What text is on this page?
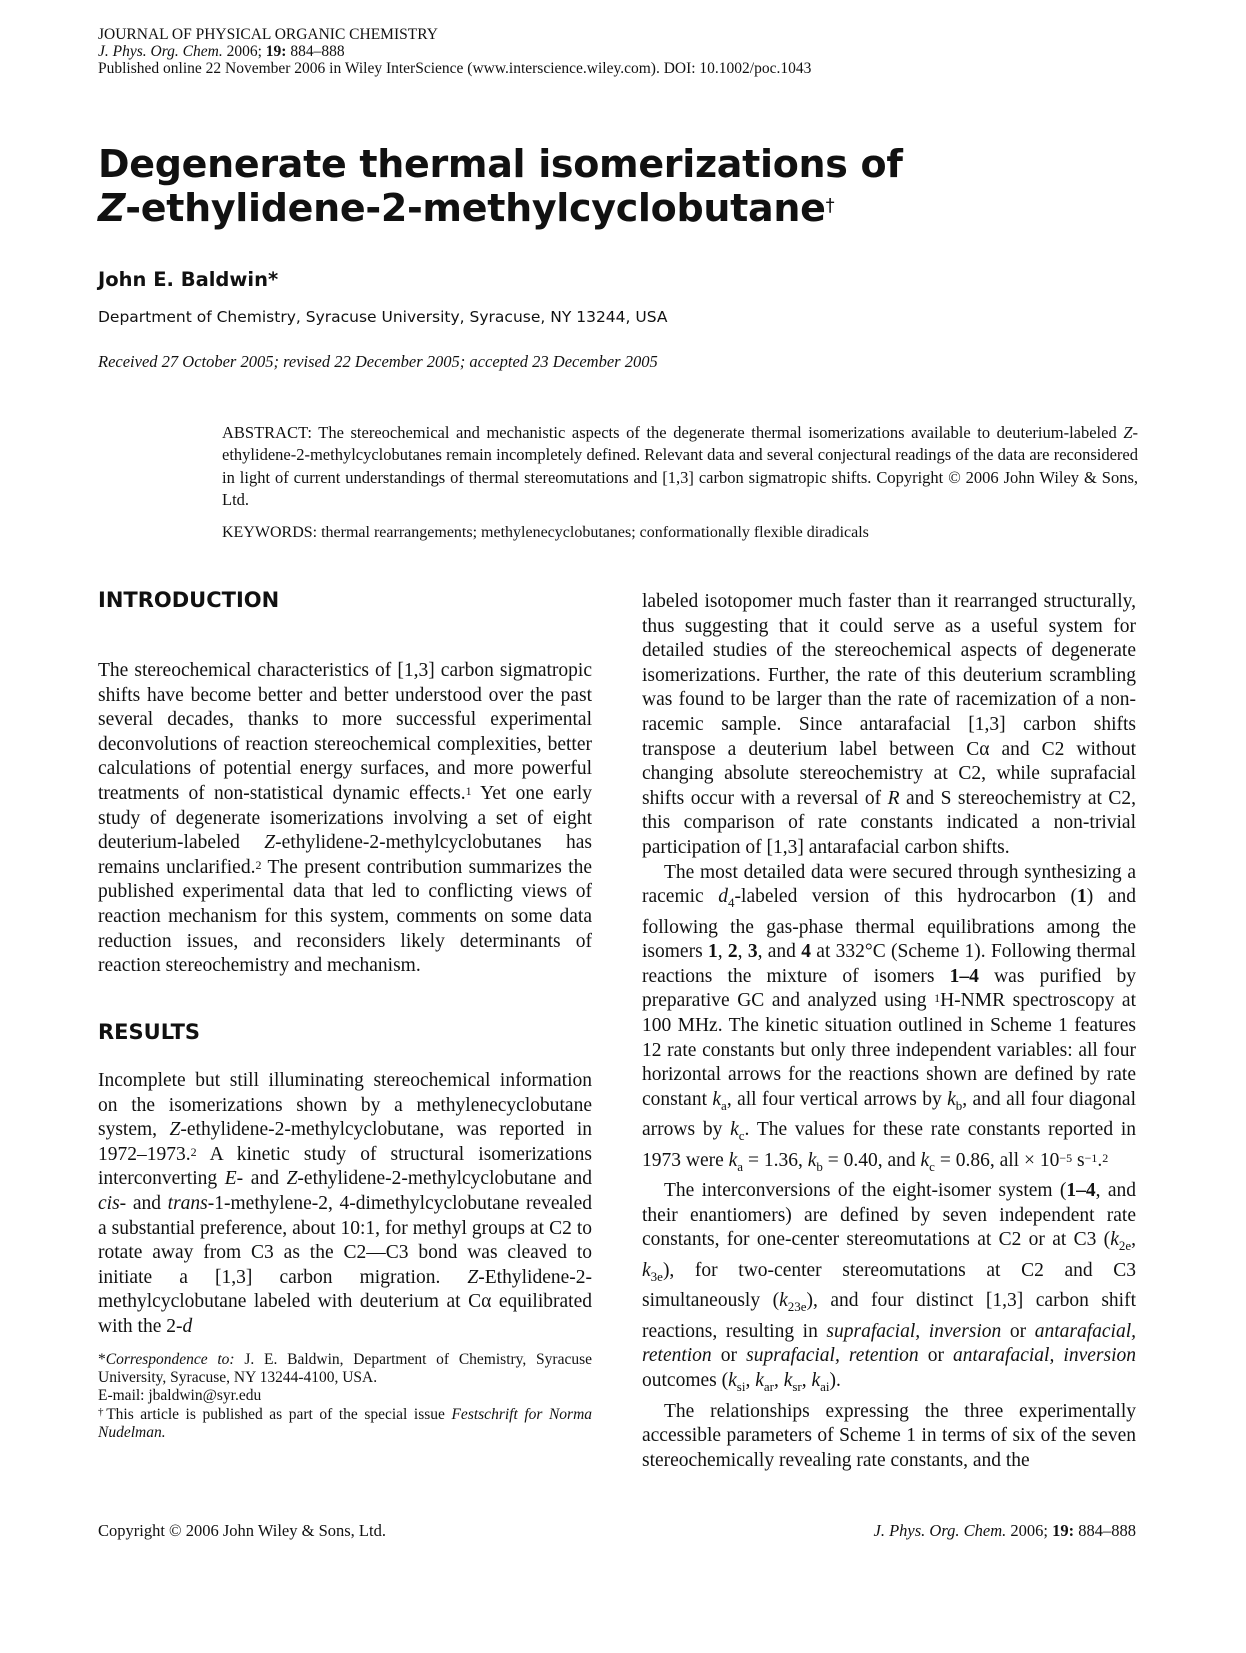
JOURNAL OF PHYSICAL ORGANIC CHEMISTRY
J. Phys. Org. Chem. 2006; 19: 884–888
Published online 22 November 2006 in Wiley InterScience (www.interscience.wiley.com). DOI: 10.1002/poc.1043
Degenerate thermal isomerizations of
Z-ethylidene-2-methylcyclobutane†
John E. Baldwin*
Department of Chemistry, Syracuse University, Syracuse, NY 13244, USA
Received 27 October 2005; revised 22 December 2005; accepted 23 December 2005
ABSTRACT: The stereochemical and mechanistic aspects of the degenerate thermal isomerizations available to deuterium-labeled Z-ethylidene-2-methylcyclobutanes remain incompletely defined. Relevant data and several conjectural readings of the data are reconsidered in light of current understandings of thermal stereomutations and [1,3] carbon sigmatropic shifts. Copyright © 2006 John Wiley & Sons, Ltd.
KEYWORDS: thermal rearrangements; methylenecyclobutanes; conformationally flexible diradicals
INTRODUCTION

The stereochemical characteristics of [1,3] carbon sigmatropic shifts have become better and better understood over the past several decades, thanks to more successful experimental deconvolutions of reaction stereochemical complexities, better calculations of potential energy surfaces, and more powerful treatments of non-statistical dynamic effects.$^1$ Yet one early study of degenerate isomerizations involving a set of eight deuterium-labeled Z-ethylidene-2-methylcyclobutanes has remains unclarified.$^2$ The present contribution summarizes the published experimental data that led to conflicting views of reaction mechanism for this system, comments on some data reduction issues, and reconsiders likely determinants of reaction stereochemistry and mechanism.

RESULTS

Incomplete but still illuminating stereochemical information on the isomerizations shown by a methylenecyclobutane system, Z-ethylidene-2-methylcyclobutane, was reported in 1972–1973.$^2$ A kinetic study of structural isomerizations interconverting E- and Z-ethylidene-2-methylcyclobutane and cis- and trans-1-methylene-2, 4-dimethylcyclobutane revealed a substantial preference, about 10:1, for methyl groups at C2 to rotate away from C3 as the C2—C3 bond was cleaved to initiate a [1,3] carbon migration. Z-Ethylidene-2-methylcyclobutane labeled with deuterium at Cα equilibrated with the 2-d

*Correspondence to: J. E. Baldwin, Department of Chemistry, Syracuse University, Syracuse, NY 13244-4100, USA.

E-mail: jbaldwin@syr.edu

†This article is published as part of the special issue Festschrift for Norma Nudelman.

labeled isotopomer much faster than it rearranged structurally, thus suggesting that it could serve as a useful system for detailed studies of the stereochemical aspects of degenerate isomerizations. Further, the rate of this deuterium scrambling was found to be larger than the rate of racemization of a non-racemic sample. Since antarafacial [1,3] carbon shifts transpose a deuterium label between Cα and C2 without changing absolute stereochemistry at C2, while suprafacial shifts occur with a reversal of R and S stereochemistry at C2, this comparison of rate constants indicated a non-trivial participation of [1,3] antarafacial carbon shifts.

The most detailed data were secured through synthesizing a racemic $d_4$-labeled version of this hydrocarbon (1) and following the gas-phase thermal equilibrations among the isomers 1, 2, 3, and 4 at 332°C (Scheme 1). Following thermal reactions the mixture of isomers 1–4 was purified by preparative GC and analyzed using $^1$H-NMR spectroscopy at 100 MHz. The kinetic situation outlined in Scheme 1 features 12 rate constants but only three independent variables: all four horizontal arrows for the reactions shown are defined by rate constant $k_a$, all four vertical arrows by $k_b$, and all four diagonal arrows by $k_c$. The values for these rate constants reported in 1973 were $k_a = 1.36$, $k_b = 0.40$, and $k_c = 0.86$, all × 10$^{-5}$ s$^{-1}$.$^2$

The interconversions of the eight-isomer system (1–4, and their enantiomers) are defined by seven independent rate constants, for one-center stereomutations at C2 or at C3 ($k_{2e}$, $k_{3e}$), for two-center stereomutations at C2 and C3 simultaneously $(k_{23e})$, and four distinct [1,3] carbon shift reactions, resulting in suprafacial, inversion or antarafacial, retention or suprafacial, retention or antarafacial, inversion outcomes ($k_{si}$, $k_{ar}$, $k_{sr}$, $k_{ai}$).

The relationships expressing the three experimentally accessible parameters of Scheme 1 in terms of six of the seven stereochemically revealing rate constants, and the

Copyright © 2006 John Wiley & Sons, Ltd.	J. Phys. Org. Chem. 2006; 19: 884–888
